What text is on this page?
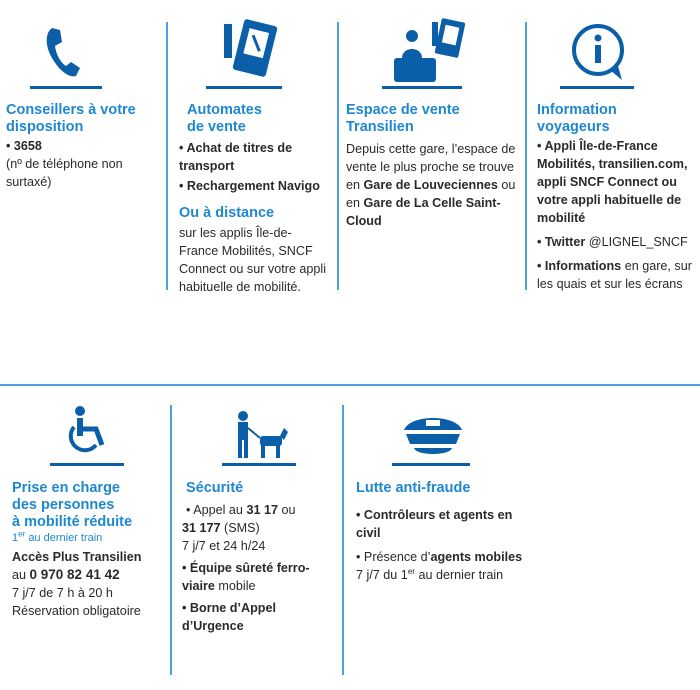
Conseillers à votre disposition

• 3658

(nº de téléphone non surtaxé)

Automates
de vente

• Achat de titres de transport

• Rechargement Navigo

Ou à distance

sur les applis Île-de-France Mobilités, SNCF Connect ou sur votre appli habituelle de mobilité.

Espace de vente
Transilien

Depuis cette gare, l’espace de vente le plus proche se trouve en Gare de Louveciennes ou en Gare de La Celle Saint-Cloud

Information
voyageurs

• Appli Île-de-France Mobilités, transilien.com, appli SNCF Connect ou votre appli habituelle de mobilité

• Twitter @LIGNEL_SNCF

• Informations en gare, sur les quais et sur les écrans

Prise en charge
des personnes
à mobilité réduite

1er au dernier train

Accès Plus Transilien

au 0 970 82 41 42

7 j/7 de 7 h à 20 h

Réservation obligatoire

Sécurité

• Appel au 31 17 ou

31 177 (SMS)

7 j/7 et 24 h/24

• Équipe sûreté ferro-
viaire mobile

• Borne d’Appel d’Urgence

Lutte anti-fraude

• Contrôleurs et agents en civil

• Présence d’agents mobiles 7 j/7 du 1er au dernier train
